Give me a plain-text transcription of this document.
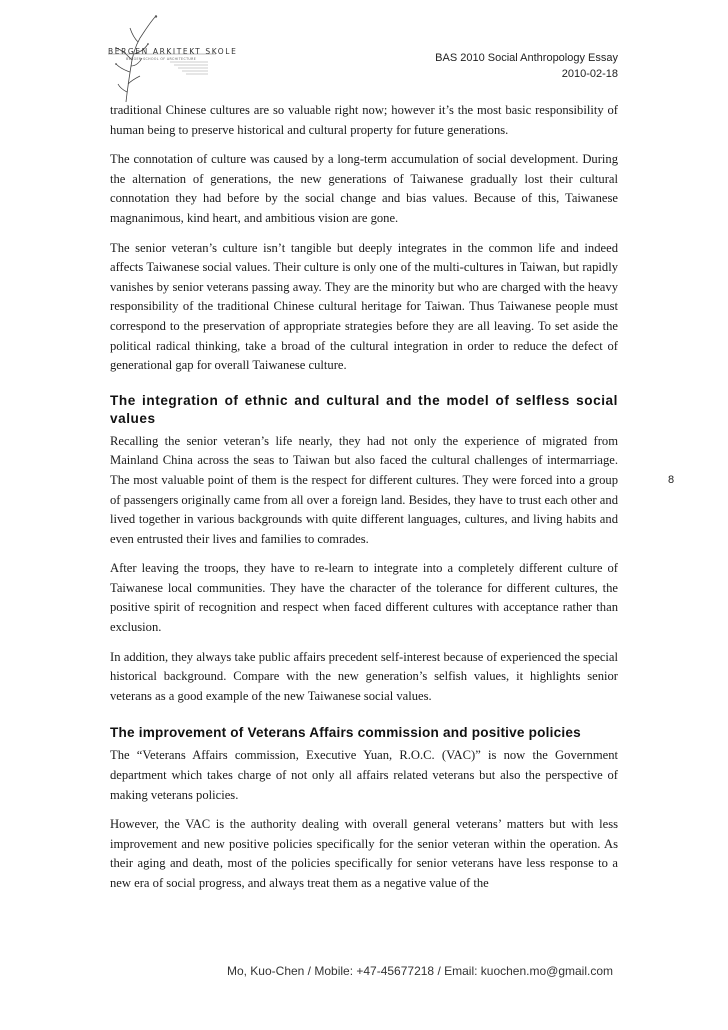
BERGEN ARKITEKT SKOLE

BERGEN SCHOOL OF ARCHITECTURE	BAS 2010 Social Anthropology Essay
2010-02-18

traditional Chinese cultures are so valuable right now; however it’s the most basic responsibility of human being to preserve historical and cultural property for future generations.

The connotation of culture was caused by a long-term accumulation of social development. During the alternation of generations, the new generations of Taiwanese gradually lost their cultural connotation they had before by the social change and bias values. Because of this, Taiwanese magnanimous, kind heart, and ambitious vision are gone.

The senior veteran’s culture isn’t tangible but deeply integrates in the common life and indeed affects Taiwanese social values. Their culture is only one of the multi-cultures in Taiwan, but rapidly vanishes by senior veterans passing away. They are the minority but who are charged with the heavy responsibility of the traditional Chinese cultural heritage for Taiwan. Thus Taiwanese people must correspond to the preservation of appropriate strategies before they are all leaving. To set aside the political radical thinking, take a broad of the cultural integration in order to reduce the defect of generational gap for overall Taiwanese culture.

The integration of ethnic and cultural and the model of selfless social values

Recalling the senior veteran’s life nearly, they had not only the experience of migrated from Mainland China across the seas to Taiwan but also faced the cultural challenges of intermarriage. The most valuable point of them is the respect for different cultures. They were forced into a group of passengers originally came from all over a foreign land. Besides, they have to trust each other and lived together in various backgrounds with quite different languages, cultures, and living habits and even entrusted their lives and families to comrades.

After leaving the troops, they have to re-learn to integrate into a completely different culture of Taiwanese local communities. They have the character of the tolerance for different cultures, the positive spirit of recognition and respect when faced different cultures with acceptance rather than exclusion.

In addition, they always take public affairs precedent self-interest because of experienced the special historical background. Compare with the new generation’s selfish values, it highlights senior veterans as a good example of the new Taiwanese social values.

The improvement of Veterans Affairs commission and positive policies

The “Veterans Affairs commission, Executive Yuan, R.O.C. (VAC)” is now the Government department which takes charge of not only all affairs related veterans but also the perspective of making veterans policies.

However, the VAC is the authority dealing with overall general veterans’ matters but with less improvement and new positive policies specifically for the senior veteran within the operation. As their aging and death, most of the policies specifically for senior veterans have less response to a new era of social progress, and always treat them as a negative value of the

8
Mo, Kuo-Chen / Mobile: +47-45677218 / Email: kuochen.mo@gmail.com
